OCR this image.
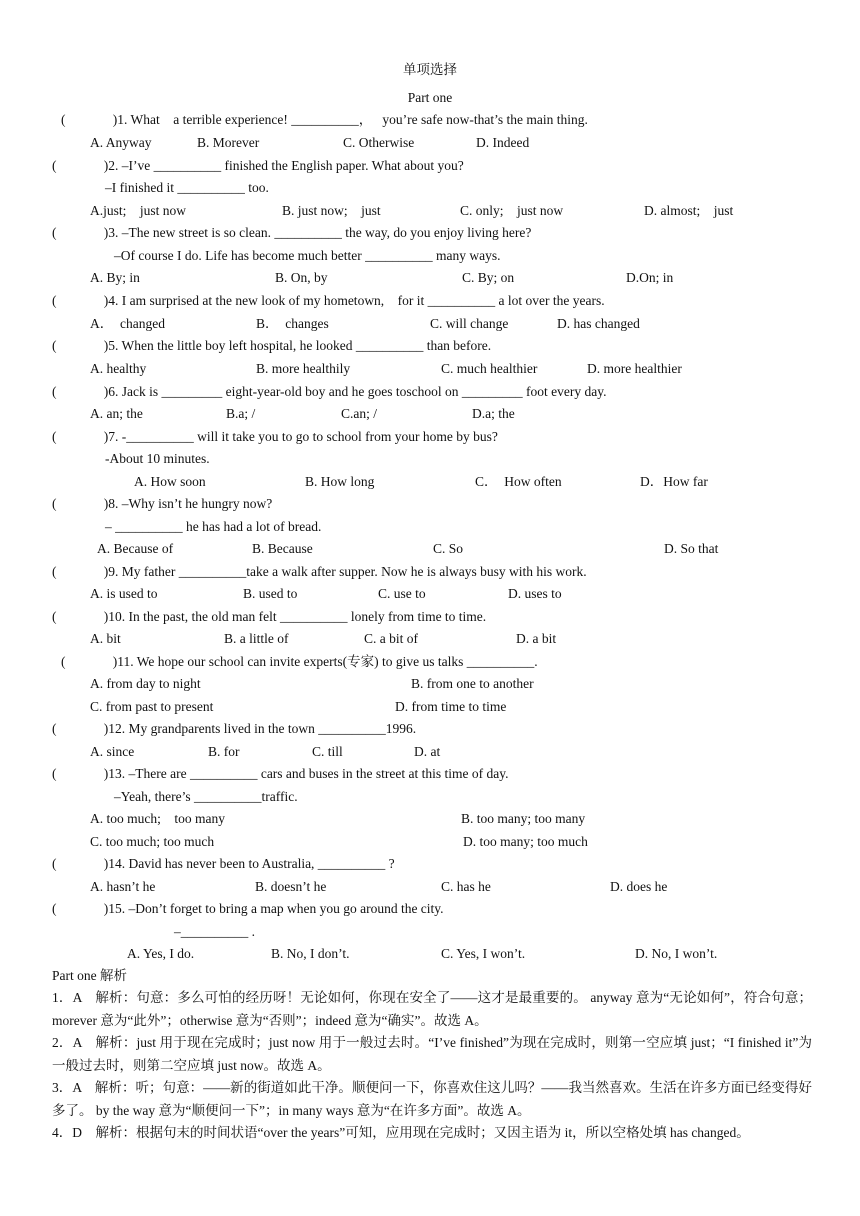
单项选择
Part one
(              )1. What    a terrible experience! __________，   you’re safe now-that’s the main thing.
A. Anyway	B. Morever	C. Otherwise	D. Indeed
(              )2. –I’ve __________ finished the English paper. What about you?
–I finished it __________ too.
A.just;    just now	B. just now;    just	C. only;    just now	D. almost;    just
(              )3. –The new street is so clean. __________ the way, do you enjoy living here?
–Of course I do. Life has become much better __________ many ways.
A. By; in	B. On, by	C. By; on	D.On; in
(              )4. I am surprised at the new look of my hometown,    for it __________ a lot over the years.
A．  changed	B．  changes	C. will change	D. has changed
(              )5. When the little boy left hospital, he looked __________ than before.
A. healthy	B. more healthily	C. much healthier	D. more healthier
(              )6. Jack is _________ eight-year-old boy and he goes toschool on _________ foot every day.
A. an; the	B.a; /	C.an; /	D.a; the
(              )7. -__________ will it take you to go to school from your home by bus?
-About 10 minutes.
A. How soon	B. How long	C．  How often	D．How far
(              )8. –Why isn’t he hungry now?
– __________ he has had a lot of bread.
A. Because of	B. Because	C. So	D. So that
(              )9. My father __________take a walk after supper. Now he is always busy with his work.
A. is used to	B. used to	C. use to	D. uses to
(              )10. In the past, the old man felt __________ lonely from time to time.
A. bit	B. a little of	C. a bit of	D. a bit
(              )11. We hope our school can invite experts(专家) to give us talks __________.
A. from day to night	B. from one to another
C. from past to present	D. from time to time
(              )12. My grandparents lived in the town __________1996.
A. since	B. for	C. till	D. at
(              )13. –There are __________ cars and buses in the street at this time of day.
–Yeah, there’s __________traffic.
A. too much;    too many	B. too many; too many
C. too much; too much	D. too many; too much
(              )14. David has never been to Australia, __________ ?
A. hasn’t he	B. doesn’t he	C. has he	D. does he
(              )15. –Don’t forget to bring a map when you go around the city.
–__________ .
A. Yes, I do.	B. No, I don’t.	C. Yes, I won’t.	D. No, I won’t.
Part one 解析
1．A　解析：句意：多么可怕的经历呀！无论如何，你现在安全了——这才是最重要的。 anyway 意为“无论如何”，符合句意；morever 意为“此外”；otherwise 意为“否则”；indeed 意为“确实”。故选 A。
2．A　解析：just 用于现在完成时；just now 用于一般过去时。“I’ve finished”为现在完成时，则第一空应填 just；“I finished it”为一般过去时，则第二空应填 just now。故选 A。
3．A　解析：听；句意：——新的街道如此干净。顺便问一下，你喜欢住这儿吗？——我当然喜欢。生活在许多方面已经变得好多了。 by the way 意为“顺便问一下”；in many ways 意为“在许多方面”。故选 A。
4．D　解析：根据句末的时间状语“over the years”可知，应用现在完成时；又因主语为 it，所以空格处填 has changed。
